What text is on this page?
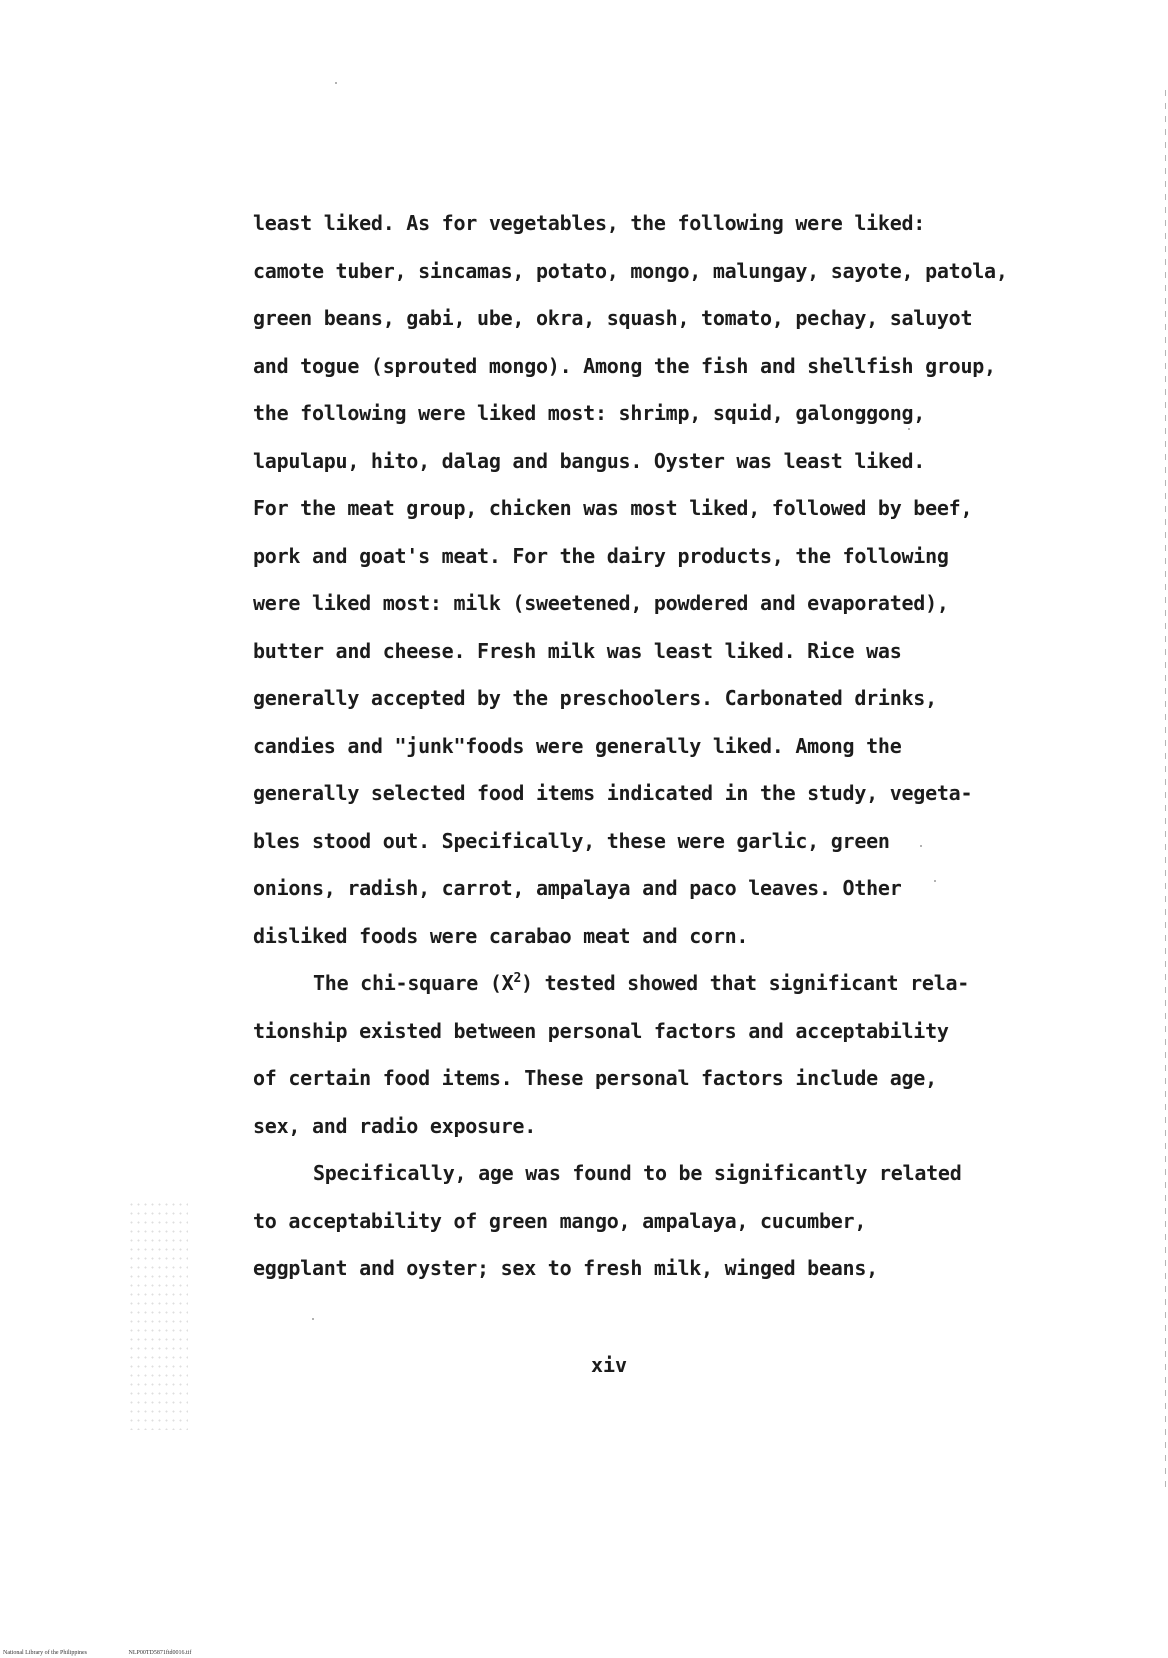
least liked. As for vegetables, the following were liked:
camote tuber, sincamas, potato, mongo, malungay, sayote, patola,
green beans, gabi, ube, okra, squash, tomato, pechay, saluyot
and togue (sprouted mongo). Among the fish and shellfish group,
the following were liked most: shrimp, squid, galonggong,
lapulapu, hito, dalag and bangus. Oyster was least liked.
For the meat group, chicken was most liked, followed by beef,
pork and goat's meat. For the dairy products, the following
were liked most: milk (sweetened, powdered and evaporated),
butter and cheese. Fresh milk was least liked. Rice was
generally accepted by the preschoolers. Carbonated drinks,
candies and "junk"foods were generally liked. Among the
generally selected food items indicated in the study, vegeta-
bles stood out. Specifically, these were garlic, green
onions, radish, carrot, ampalaya and paco leaves. Other
disliked foods were carabao meat and corn.
The chi-square $(X^2)$ tested showed that significant rela-
tionship existed between personal factors and acceptability
of certain food items. These personal factors include age,
sex, and radio exposure.
Specifically, age was found to be significantly related
to acceptability of green mango, ampalaya, cucumber,
eggplant and oyster; sex to fresh milk, winged beans,
xiv
National Library of the Philippines	NLP00TD5871ftd0016.tif
